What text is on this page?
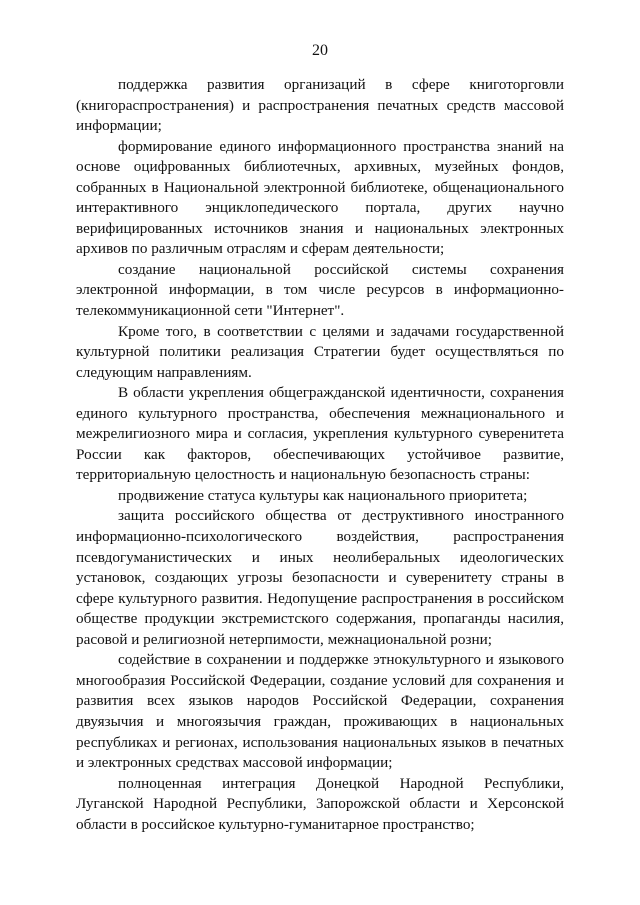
20

поддержка развития организаций в сфере книготорговли (книгораспространения) и распространения печатных средств массовой информации;

формирование единого информационного пространства знаний на основе оцифрованных библиотечных, архивных, музейных фондов, собранных в Национальной электронной библиотеке, общенационального интерактивного энциклопедического портала, других научно верифицированных источников знания и национальных электронных архивов по различным отраслям и сферам деятельности;

создание национальной российской системы сохранения электронной информации, в том числе ресурсов в информационно-телекоммуникационной сети "Интернет".

Кроме того, в соответствии с целями и задачами государственной культурной политики реализация Стратегии будет осуществляться по следующим направлениям.

В области укрепления общегражданской идентичности, сохранения единого культурного пространства, обеспечения межнационального и межрелигиозного мира и согласия, укрепления культурного суверенитета России как факторов, обеспечивающих устойчивое развитие, территориальную целостность и национальную безопасность страны:

продвижение статуса культуры как национального приоритета;

защита российского общества от деструктивного иностранного информационно-психологического воздействия, распространения псевдогуманистических и иных неолиберальных идеологических установок, создающих угрозы безопасности и суверенитету страны в сфере культурного развития. Недопущение распространения в российском обществе продукции экстремистского содержания, пропаганды насилия, расовой и религиозной нетерпимости, межнациональной розни;

содействие в сохранении и поддержке этнокультурного и языкового многообразия Российской Федерации, создание условий для сохранения и развития всех языков народов Российской Федерации, сохранения двуязычия и многоязычия граждан, проживающих в национальных республиках и регионах, использования национальных языков в печатных и электронных средствах массовой информации;

полноценная интеграция Донецкой Народной Республики, Луганской Народной Республики, Запорожской области и Херсонской области в российское культурно-гуманитарное пространство;
